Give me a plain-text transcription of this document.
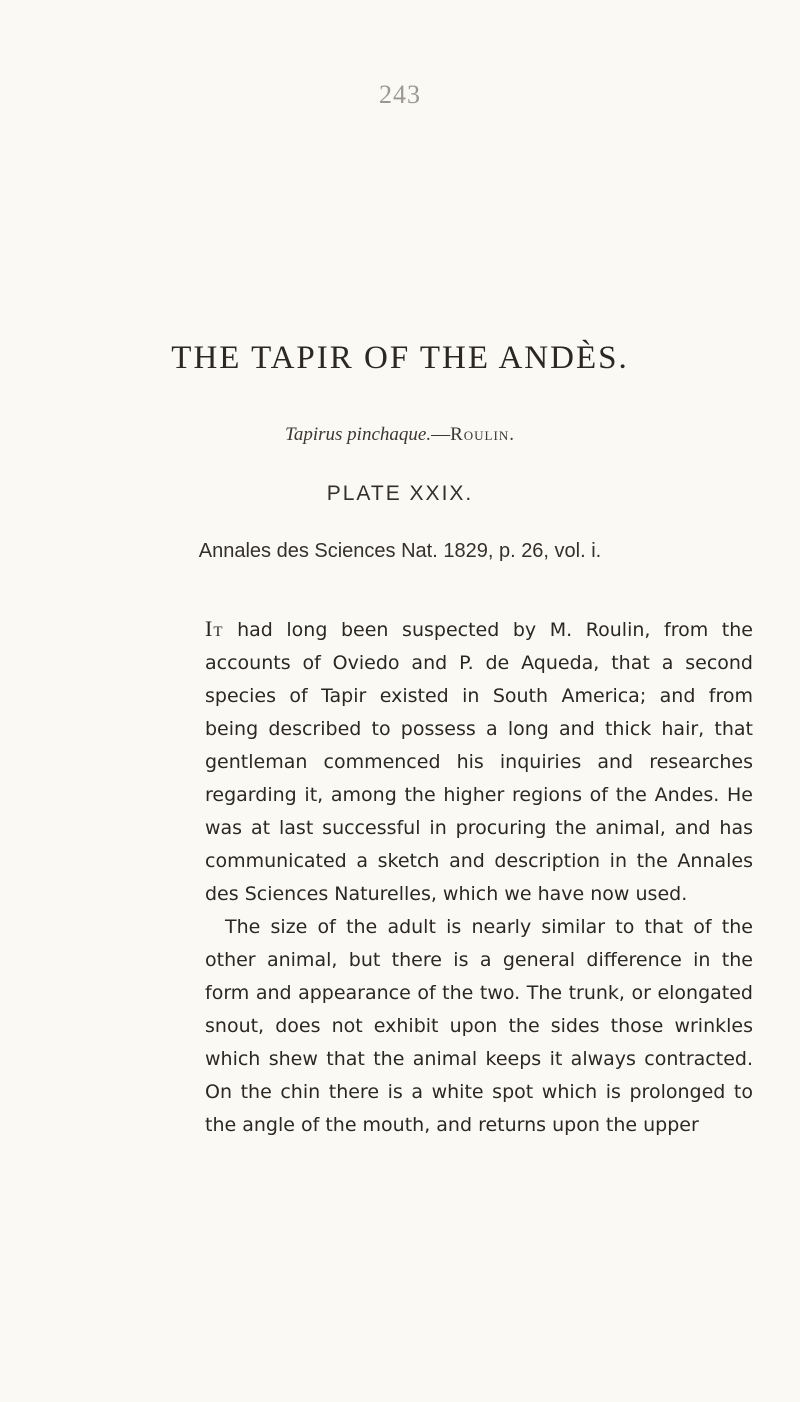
243
THE TAPIR OF THE ANDÈS.
Tapirus pinchaque.—Roulin.
PLATE XXIX.
Annales des Sciences Nat. 1829, p. 26, vol. i.

It had long been suspected by M. Roulin, from the accounts of Oviedo and P. de Aqueda, that a second species of Tapir existed in South America; and from being described to possess a long and thick hair, that gentleman commenced his inquiries and researches regarding it, among the higher regions of the Andes. He was at last successful in procuring the animal, and has communicated a sketch and description in the Annales des Sciences Naturelles, which we have now used.

The size of the adult is nearly similar to that of the other animal, but there is a general difference in the form and appearance of the two. The trunk, or elongated snout, does not exhibit upon the sides those wrinkles which shew that the animal keeps it always contracted. On the chin there is a white spot which is prolonged to the angle of the mouth, and returns upon the upper
